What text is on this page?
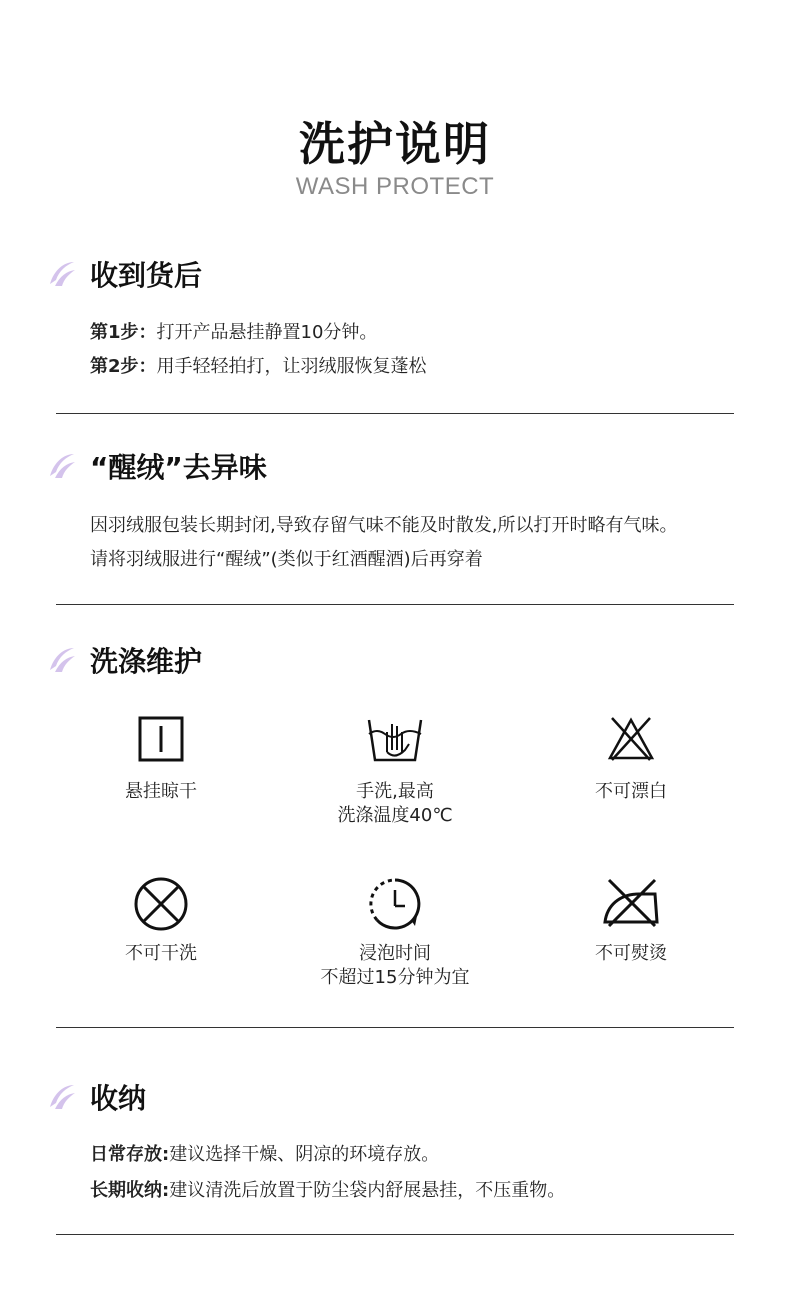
洗护说明
WASH PROTECT
收到货后
第1步：打开产品悬挂静置10分钟。
第2步：用手轻轻拍打，让羽绒服恢复蓬松
“醒绒”去异味
因羽绒服包装长期封闭,导致存留气味不能及时散发,所以打开时略有气味。
请将羽绒服进行“醒绒”(类似于红酒醒酒)后再穿着
洗涤维护
悬挂晾干	手洗,最高
洗涤温度40℃
不可漂白
不可干洗	浸泡时间
不超过15分钟为宜
不可熨烫
收纳
日常存放:建议选择干燥、阴凉的环境存放。
长期收纳:建议清洗后放置于防尘袋内舒展悬挂，不压重物。
